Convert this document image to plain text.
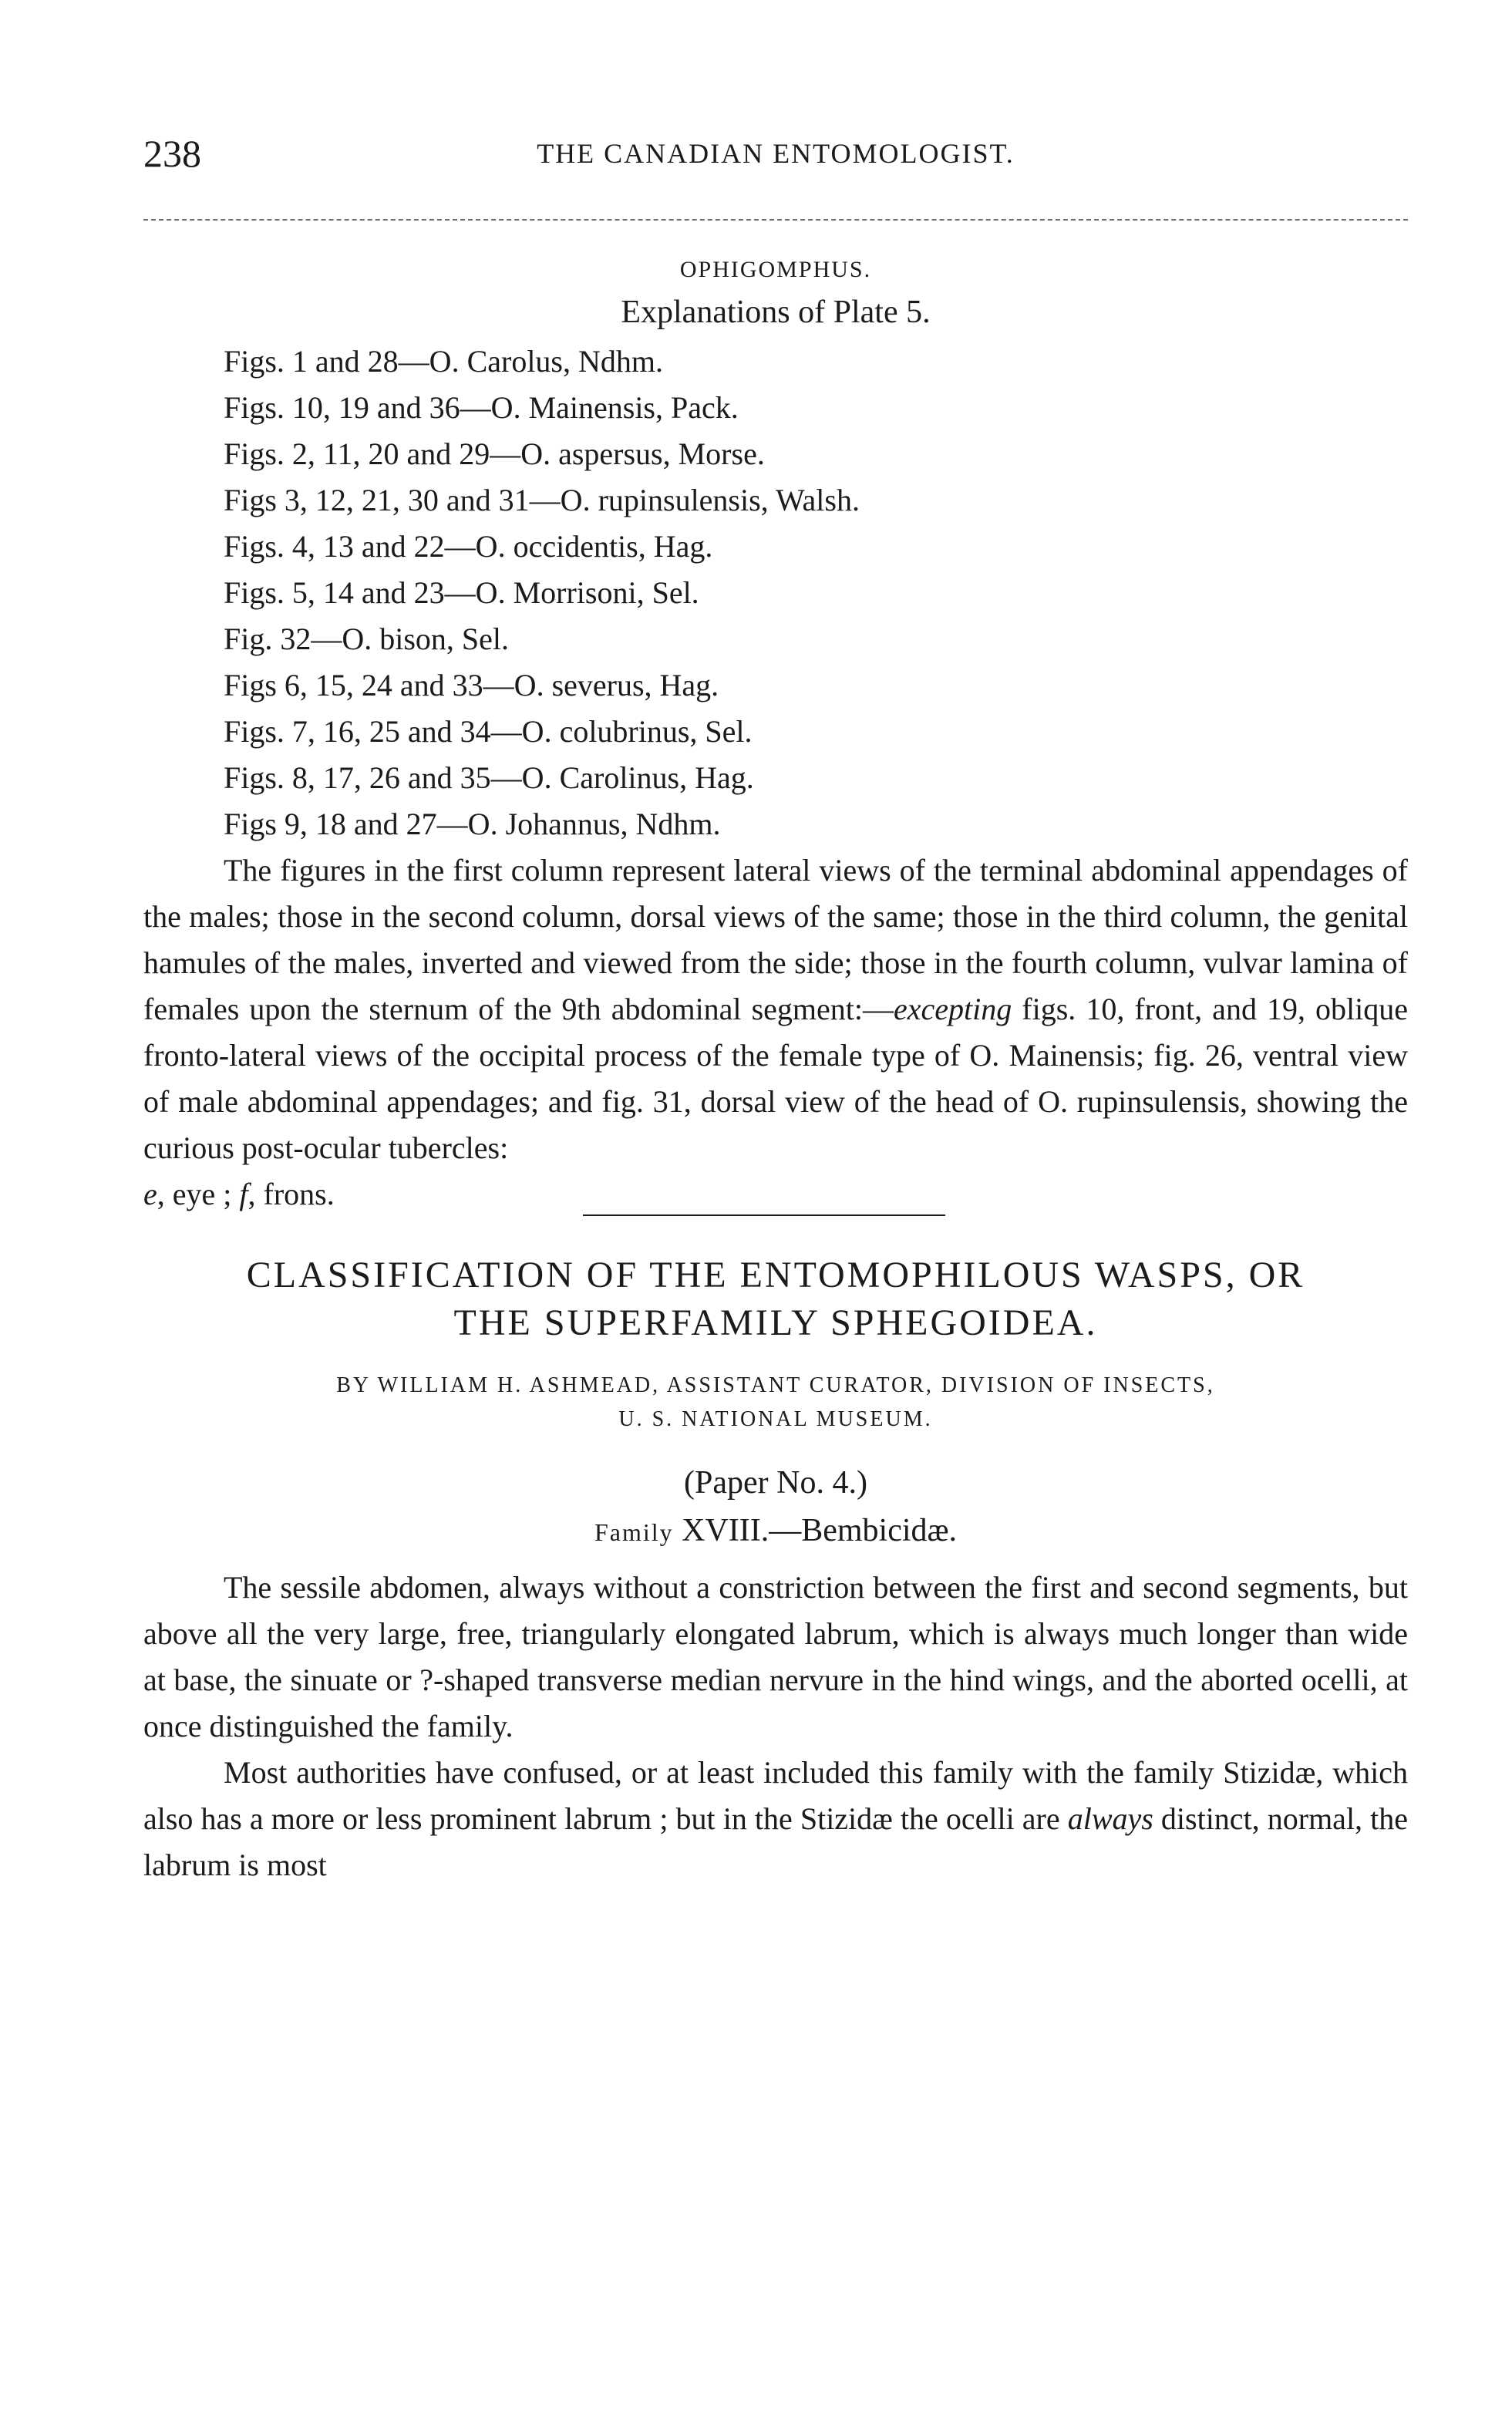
238	THE CANADIAN ENTOMOLOGIST.
OPHIGOMPHUS.
Explanations of Plate 5.
Figs. 1 and 28—O. Carolus, Ndhm.
Figs. 10, 19 and 36—O. Mainensis, Pack.
Figs. 2, 11, 20 and 29—O. aspersus, Morse.
Figs 3, 12, 21, 30 and 31—O. rupinsulensis, Walsh.
Figs. 4, 13 and 22—O. occidentis, Hag.
Figs. 5, 14 and 23—O. Morrisoni, Sel.
Fig. 32—O. bison, Sel.
Figs 6, 15, 24 and 33—O. severus, Hag.
Figs. 7, 16, 25 and 34—O. colubrinus, Sel.
Figs. 8, 17, 26 and 35—O. Carolinus, Hag.
Figs 9, 18 and 27—O. Johannus, Ndhm.

The figures in the first column represent lateral views of the terminal abdominal appendages of the males; those in the second column, dorsal views of the same; those in the third column, the genital hamules of the males, inverted and viewed from the side; those in the fourth column, vulvar lamina of females upon the sternum of the 9th abdominal segment:—excepting figs. 10, front, and 19, oblique fronto-lateral views of the occipital process of the female type of O. Mainensis; fig. 26, ventral view of male abdominal appendages; and fig. 31, dorsal view of the head of O. rupinsulensis, showing the curious post-ocular tubercles:

e, eye ; f, frons.
CLASSIFICATION OF THE ENTOMOPHILOUS WASPS, OR
THE SUPERFAMILY SPHEGOIDEA.
BY WILLIAM H. ASHMEAD, ASSISTANT CURATOR, DIVISION OF INSECTS,
U. S. NATIONAL MUSEUM.
(Paper No. 4.)
Family XVIII.—Bembicidæ.

The sessile abdomen, always without a constriction between the first and second segments, but above all the very large, free, triangularly elongated labrum, which is always much longer than wide at base, the sinuate or ?-shaped transverse median nervure in the hind wings, and the aborted ocelli, at once distinguished the family.

Most authorities have confused, or at least included this family with the family Stizidæ, which also has a more or less prominent labrum ; but in the Stizidæ the ocelli are always distinct, normal, the labrum is most
